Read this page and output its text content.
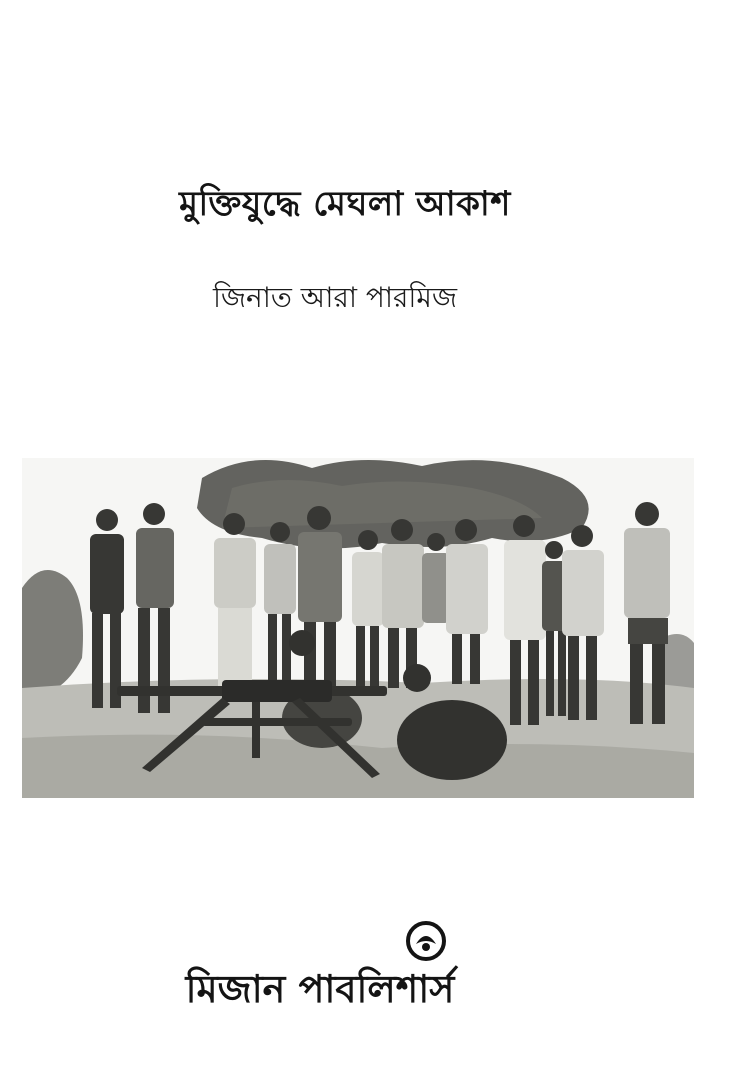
মুক্তিযুদ্ধে মেঘলা আকাশ
জিনাত আরা পারমিজ
মিজান পাবলিশার্স
